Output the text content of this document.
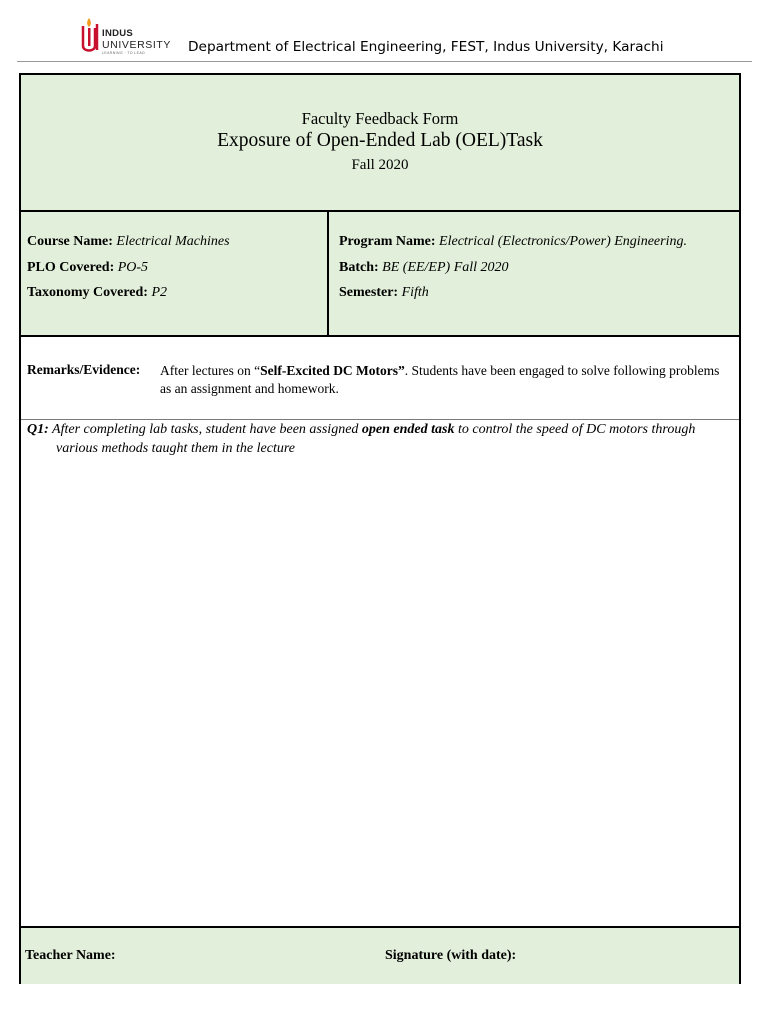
INDUS
UNIVERSITY
LEARNING · TO LEAD	Department of Electrical Engineering, FEST, Indus University, Karachi
Faculty Feedback Form
Exposure of Open-Ended Lab (OEL)Task
Fall 2020
Course Name: Electrical Machines
PLO Covered: PO-5
Taxonomy Covered: P2
Program Name: Electrical (Electronics/Power) Engineering.
Batch: BE (EE/EP) Fall 2020
Semester: Fifth
Remarks/Evidence: After lectures on “Self-Excited DC Motors”. Students have been engaged to solve following problems as an assignment and homework.
Q1: After completing lab tasks, student have been assigned open ended task to control the speed of DC motors through various methods taught them in the lecture
Teacher Name:	Signature (with date):
